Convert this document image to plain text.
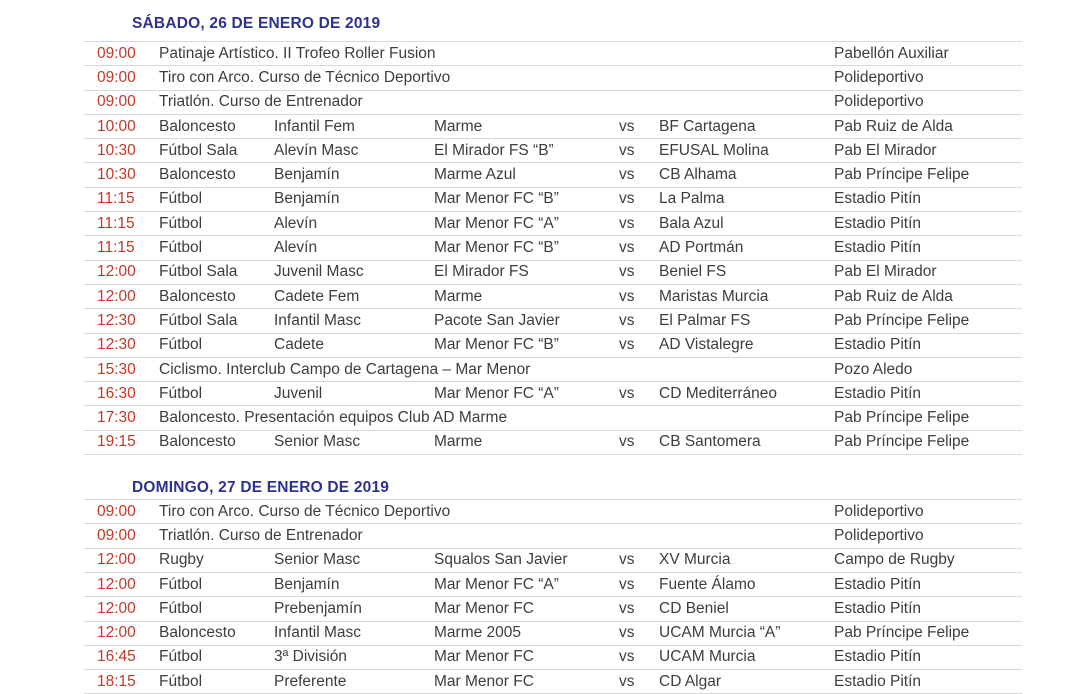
SÁBADO, 26 DE ENERO DE 2019
09:00	Patinaje Artístico. II Trofeo Roller Fusion	Pabellón Auxiliar
09:00	Tiro con Arco. Curso de Técnico Deportivo	Polideportivo
09:00	Triatlón. Curso de Entrenador	Polideportivo
10:00	Baloncesto	Infantil Fem	Marme	vs	BF Cartagena	Pab Ruiz de Alda
10:30	Fútbol Sala	Alevín Masc	El Mirador FS “B”	vs	EFUSAL Molina	Pab El Mirador
10:30	Baloncesto	Benjamín	Marme Azul	vs	CB Alhama	Pab Príncipe Felipe
11:15	Fútbol	Benjamín	Mar Menor FC “B”	vs	La Palma	Estadio Pitín
11:15	Fútbol	Alevín	Mar Menor FC “A”	vs	Bala Azul	Estadio Pitín
11:15	Fútbol	Alevín	Mar Menor FC “B”	vs	AD Portmán	Estadio Pitín
12:00	Fútbol Sala	Juvenil Masc	El Mirador FS	vs	Beniel FS	Pab El Mirador
12:00	Baloncesto	Cadete Fem	Marme	vs	Maristas Murcia	Pab Ruiz de Alda
12:30	Fútbol Sala	Infantil Masc	Pacote San Javier	vs	El Palmar FS	Pab Príncipe Felipe
12:30	Fútbol	Cadete	Mar Menor FC “B”	vs	AD Vistalegre	Estadio Pitín
15:30	Ciclismo. Interclub Campo de Cartagena – Mar Menor	Pozo Aledo
16:30	Fútbol	Juvenil	Mar Menor FC “A”	vs	CD Mediterráneo	Estadio Pitín
17:30	Baloncesto. Presentación equipos Club AD Marme	Pab Príncipe Felipe
19:15	Baloncesto	Senior Masc	Marme	vs	CB Santomera	Pab Príncipe Felipe
DOMINGO, 27 DE ENERO DE 2019
09:00	Tiro con Arco. Curso de Técnico Deportivo	Polideportivo
09:00	Triatlón. Curso de Entrenador	Polideportivo
12:00	Rugby	Senior Masc	Squalos San Javier	vs	XV Murcia	Campo de Rugby
12:00	Fútbol	Benjamín	Mar Menor FC “A”	vs	Fuente Álamo	Estadio Pitín
12:00	Fútbol	Prebenjamín	Mar Menor FC	vs	CD Beniel	Estadio Pitín
12:00	Baloncesto	Infantil Masc	Marme 2005	vs	UCAM Murcia “A”	Pab Príncipe Felipe
16:45	Fútbol	3ª División	Mar Menor FC	vs	UCAM Murcia	Estadio Pitín
18:15	Fútbol	Preferente	Mar Menor FC	vs	CD Algar	Estadio Pitín
